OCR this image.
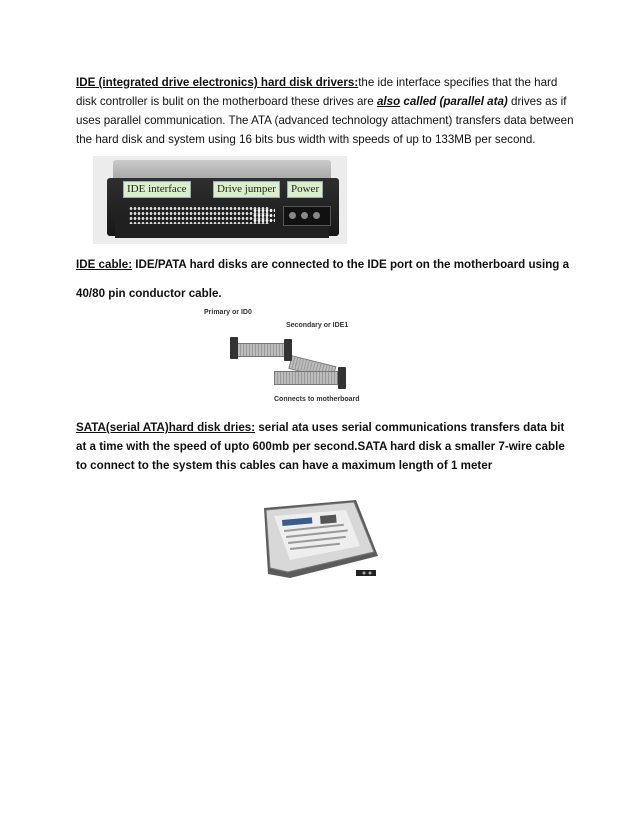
IDE (integrated drive electronics) hard disk drivers:the ide interface specifies that the hard disk controller is bulit on the motherboard these drives are also called (parallel ata) drives as if uses parallel communication. The ATA (advanced technology attachment) transfers data between the hard disk and system using 16 bits bus width with speeds of up to 133MB per second.
IDE interface	Drive jumper	Power
IDE cable: IDE/PATA hard disks are connected to the IDE port on the motherboard using a
40/80 pin conductor cable.
Primary or ID0
Secondary or IDE1
Connects to motherboard
SATA(serial ATA)hard disk dries: serial ata uses serial communications transfers data bit at a time with the speed of upto 600mb per second.SATA hard disk a smaller 7-wire cable to connect to the system this cables can have a maximum length of 1 meter
